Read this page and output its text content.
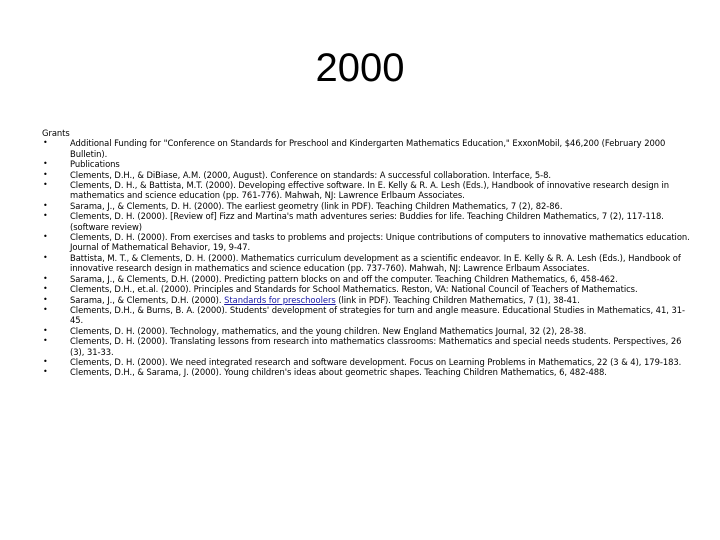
2000
Grants
• Additional Funding for "Conference on Standards for Preschool and Kindergarten Mathematics Education," ExxonMobil, $46,200 (February 2000 Bulletin).
• Publications
• Clements, D.H., & DiBiase, A.M. (2000, August). Conference on standards: A successful collaboration. Interface, 5-8.
• Clements, D. H., & Battista, M.T. (2000). Developing effective software. In E. Kelly & R. A. Lesh (Eds.), Handbook of innovative research design in mathematics and science education (pp. 761-776). Mahwah, NJ: Lawrence Erlbaum Associates.
• Sarama, J., & Clements, D. H. (2000). The earliest geometry (link in PDF). Teaching Children Mathematics, 7 (2), 82-86.
• Clements, D. H. (2000). [Review of] Fizz and Martina's math adventures series: Buddies for life. Teaching Children Mathematics, 7 (2), 117-118. (software review)
• Clements, D. H. (2000). From exercises and tasks to problems and projects: Unique contributions of computers to innovative mathematics education. Journal of Mathematical Behavior, 19, 9-47.
• Battista, M. T., & Clements, D. H. (2000). Mathematics curriculum development as a scientific endeavor. In E. Kelly & R. A. Lesh (Eds.), Handbook of innovative research design in mathematics and science education (pp. 737-760). Mahwah, NJ: Lawrence Erlbaum Associates.
• Sarama, J., & Clements, D.H. (2000). Predicting pattern blocks on and off the computer. Teaching Children Mathematics, 6, 458-462.
• Clements, D.H., et.al. (2000). Principles and Standards for School Mathematics. Reston, VA: National Council of Teachers of Mathematics.
• Sarama, J., & Clements, D.H. (2000). Standards for preschoolers (link in PDF). Teaching Children Mathematics, 7 (1), 38-41.
• Clements, D.H., & Burns, B. A. (2000). Students' development of strategies for turn and angle measure. Educational Studies in Mathematics, 41, 31-45.
• Clements, D. H. (2000). Technology, mathematics, and the young children. New England Mathematics Journal, 32 (2), 28-38.
• Clements, D. H. (2000). Translating lessons from research into mathematics classrooms: Mathematics and special needs students. Perspectives, 26 (3), 31-33.
• Clements, D. H. (2000). We need integrated research and software development. Focus on Learning Problems in Mathematics, 22 (3 & 4), 179-183.
• Clements, D.H., & Sarama, J. (2000). Young children's ideas about geometric shapes. Teaching Children Mathematics, 6, 482-488.
